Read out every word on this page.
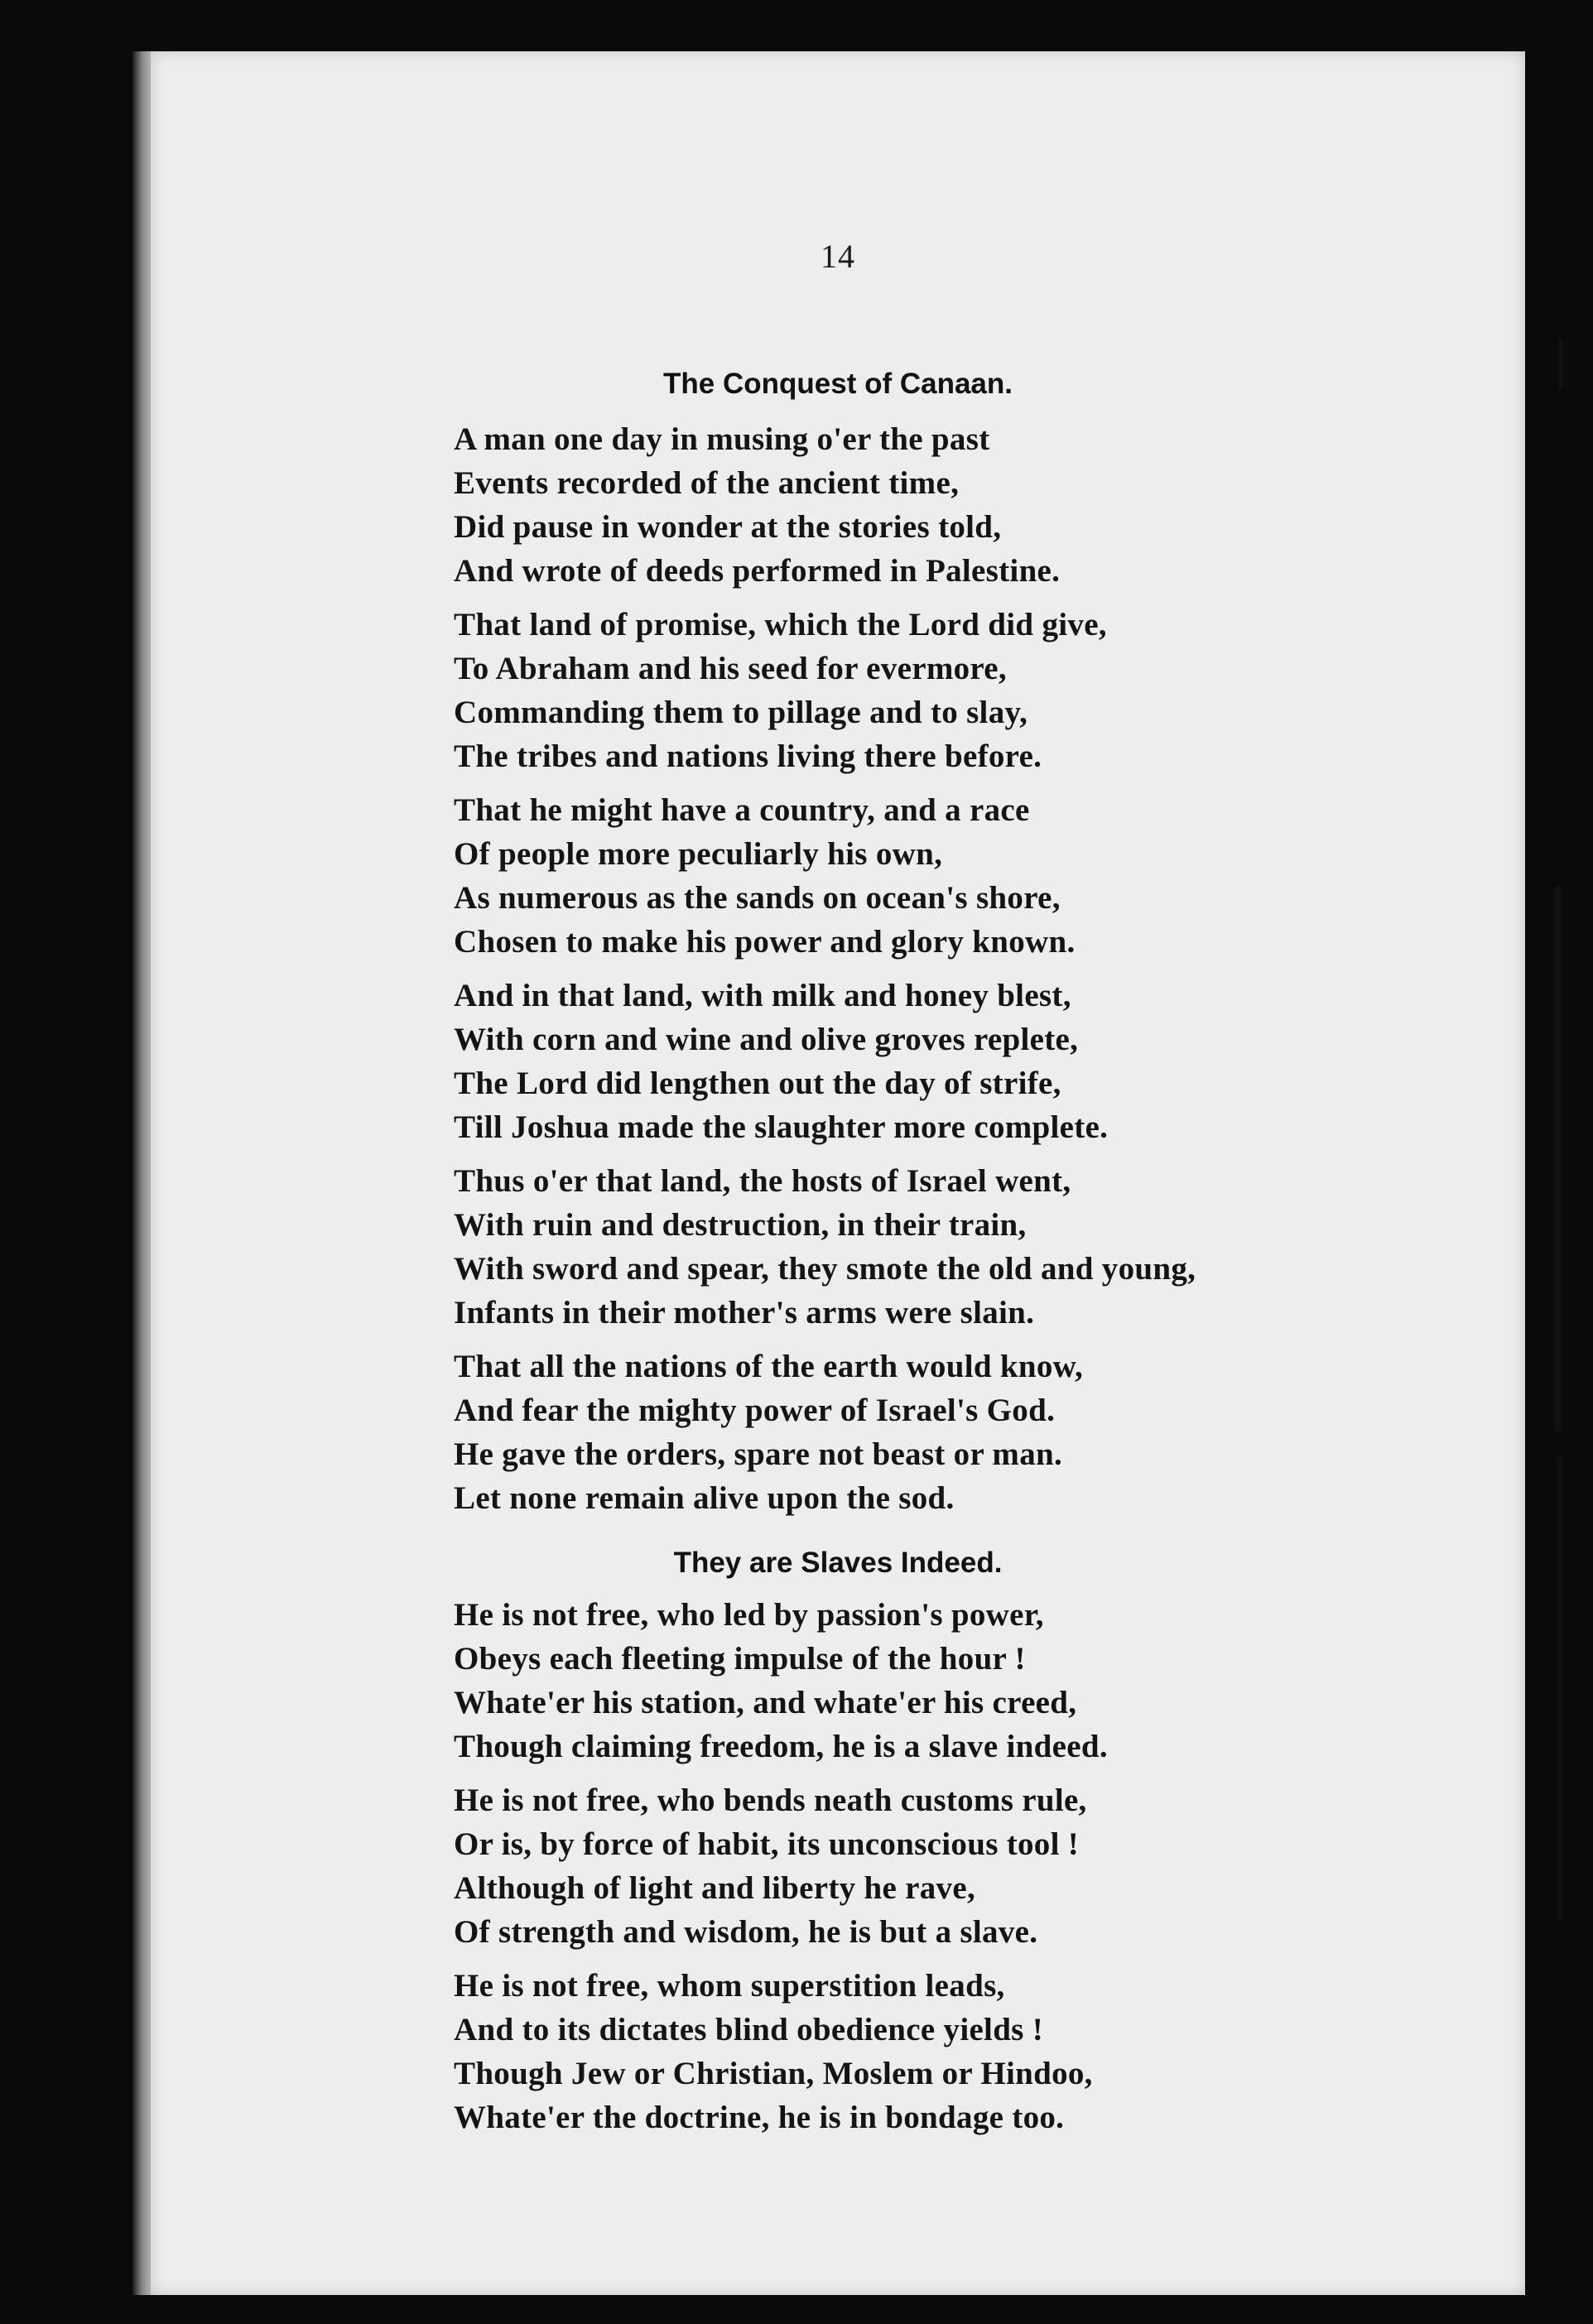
14
The Conquest of Canaan.
A man one day in musing o'er the past
Events recorded of the ancient time,
Did pause in wonder at the stories told,
And wrote of deeds performed in Palestine.
That land of promise, which the Lord did give,
To Abraham and his seed for evermore,
Commanding them to pillage and to slay,
The tribes and nations living there before.
That he might have a country, and a race
Of people more peculiarly his own,
As numerous as the sands on ocean's shore,
Chosen to make his power and glory known.
And in that land, with milk and honey blest,
With corn and wine and olive groves replete,
The Lord did lengthen out the day of strife,
Till Joshua made the slaughter more complete.
Thus o'er that land, the hosts of Israel went,
With ruin and destruction, in their train,
With sword and spear, they smote the old and young,
Infants in their mother's arms were slain.
That all the nations of the earth would know,
And fear the mighty power of Israel's God.
He gave the orders, spare not beast or man.
Let none remain alive upon the sod.
They are Slaves Indeed.
He is not free, who led by passion's power,
Obeys each fleeting impulse of the hour !
Whate'er his station, and whate'er his creed,
Though claiming freedom, he is a slave indeed.
He is not free, who bends neath customs rule,
Or is, by force of habit, its unconscious tool !
Although of light and liberty he rave,
Of strength and wisdom, he is but a slave.
He is not free, whom superstition leads,
And to its dictates blind obedience yields !
Though Jew or Christian, Moslem or Hindoo,
Whate'er the doctrine, he is in bondage too.
